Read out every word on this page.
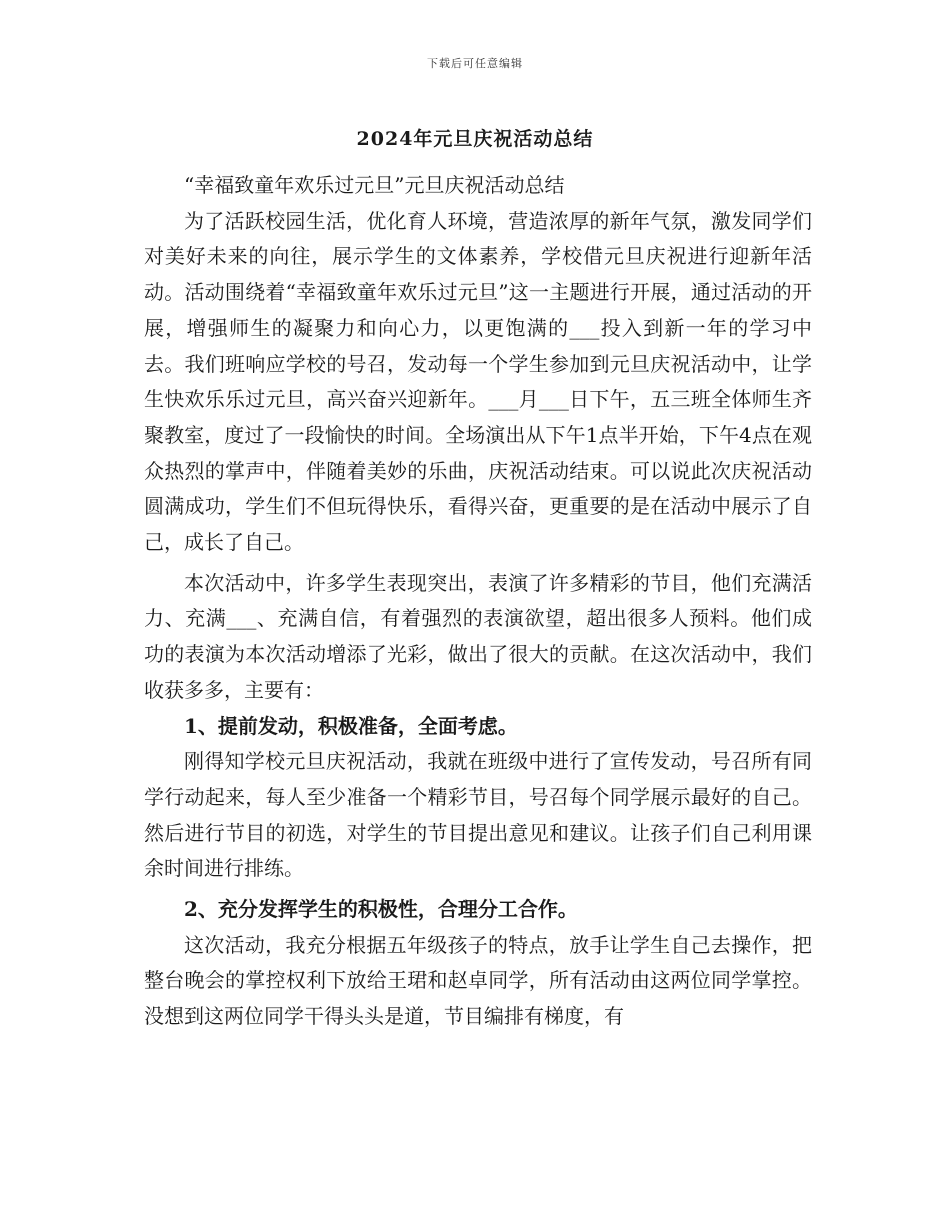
下载后可任意编辑
2024年元旦庆祝活动总结

“幸福致童年欢乐过元旦”元旦庆祝活动总结

为了活跃校园生活，优化育人环境，营造浓厚的新年气氛，激发同学们对美好未来的向往，展示学生的文体素养，学校借元旦庆祝进行迎新年活动。活动围绕着“幸福致童年欢乐过元旦”这一主题进行开展，通过活动的开展，增强师生的凝聚力和向心力，以更饱满的___投入到新一年的学习中去。我们班响应学校的号召，发动每一个学生参加到元旦庆祝活动中，让学生快欢乐乐过元旦，高兴奋兴迎新年。___月___日下午，五三班全体师生齐聚教室，度过了一段愉快的时间。全场演出从下午1点半开始，下午4点在观众热烈的掌声中，伴随着美妙的乐曲，庆祝活动结束。可以说此次庆祝活动圆满成功，学生们不但玩得快乐，看得兴奋，更重要的是在活动中展示了自己，成长了自己。

本次活动中，许多学生表现突出，表演了许多精彩的节目，他们充满活力、充满___、充满自信，有着强烈的表演欲望，超出很多人预料。他们成功的表演为本次活动增添了光彩，做出了很大的贡献。在这次活动中，我们收获多多，主要有：

1、提前发动，积极准备，全面考虑。

刚得知学校元旦庆祝活动，我就在班级中进行了宣传发动，号召所有同学行动起来，每人至少准备一个精彩节目，号召每个同学展示最好的自己。然后进行节目的初选，对学生的节目提出意见和建议。让孩子们自己利用课余时间进行排练。

2、充分发挥学生的积极性，合理分工合作。

这次活动，我充分根据五年级孩子的特点，放手让学生自己去操作，把整台晚会的掌控权利下放给王珺和赵卓同学，所有活动由这两位同学掌控。没想到这两位同学干得头头是道，节目编排有梯度，有
